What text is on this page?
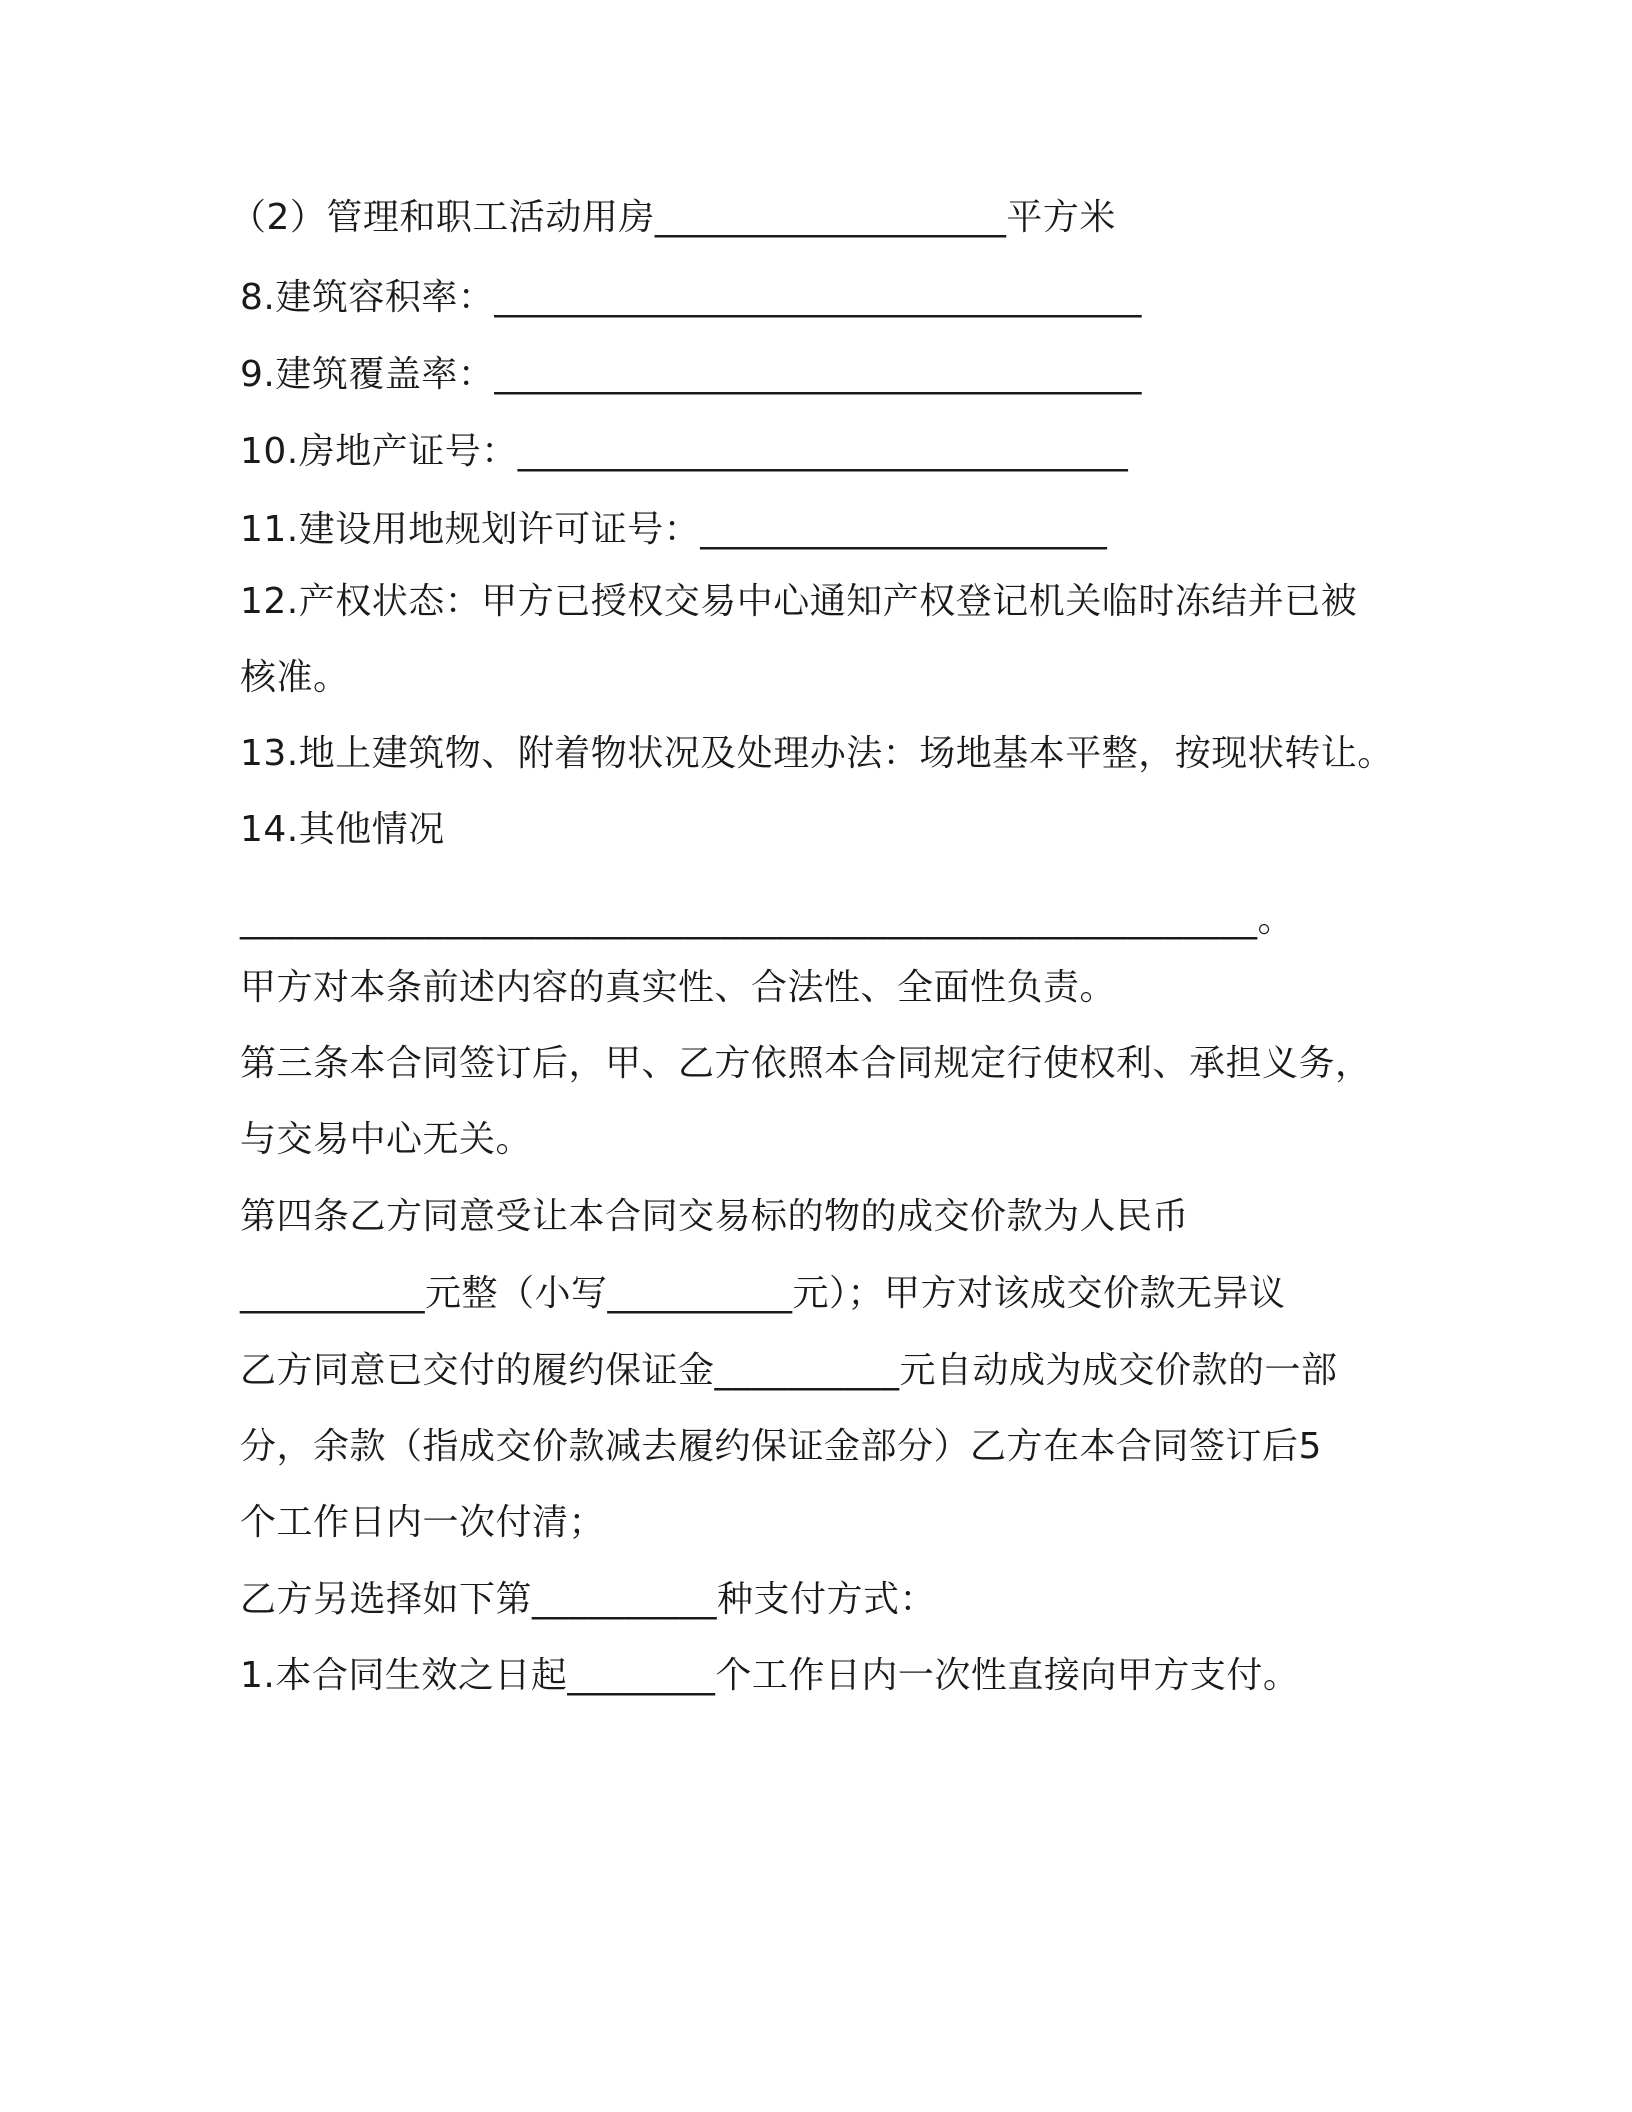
（2）管理和职工活动用房___________________平方米
8.建筑容积率：___________________________________
9.建筑覆盖率：___________________________________
10.房地产证号：_________________________________
11.建设用地规划许可证号：______________________
12.产权状态：甲方已授权交易中心通知产权登记机关临时冻结并已被
核准。
13.地上建筑物、附着物状况及处理办法：场地基本平整，按现状转让。
14.其他情况
_______________________________________________________。
甲方对本条前述内容的真实性、合法性、全面性负责。
第三条本合同签订后，甲、乙方依照本合同规定行使权利、承担义务，
与交易中心无关。
第四条乙方同意受让本合同交易标的物的成交价款为人民币
__________元整（小写__________元）；甲方对该成交价款无异议
乙方同意已交付的履约保证金__________元自动成为成交价款的一部
分，余款（指成交价款减去履约保证金部分）乙方在本合同签订后5
个工作日内一次付清；
乙方另选择如下第__________种支付方式：
1.本合同生效之日起________个工作日内一次性直接向甲方支付。
